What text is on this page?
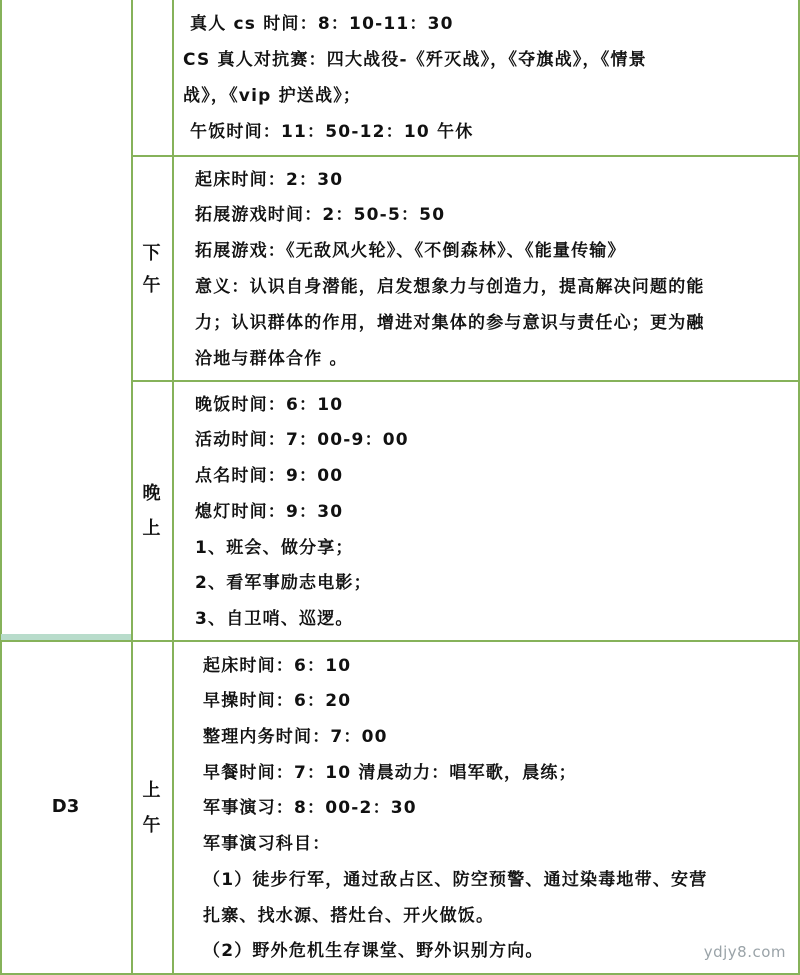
真人 cs 时间：8：10-11：30
CS 真人对抗赛：四大战役-《歼灭战》，《夺旗战》，《情景
战》，《vip 护送战》；
午饭时间：11：50-12：10 午休
下
午
起床时间：2：30
拓展游戏时间：2：50-5：50
拓展游戏：《无敌风火轮》、《不倒森林》、《能量传输》
意义：认识自身潜能，启发想象力与创造力，提高解决问题的能
力；认识群体的作用，增进对集体的参与意识与责任心；更为融
洽地与群体合作 。
晚
上
晚饭时间：6：10
活动时间：7：00-9：00
点名时间：9：00
熄灯时间：9：30
1、班会、做分享；
2、看军事励志电影；
3、自卫哨、巡逻。
D3
上
午
起床时间：6：10
早操时间：6：20
整理内务时间：7：00
早餐时间：7：10 清晨动力：唱军歌，晨练；
军事演习：8：00-2：30
军事演习科目：
（1）徒步行军，通过敌占区、防空预警、通过染毒地带、安营
扎寨、找水源、搭灶台、开火做饭。
（2）野外危机生存课堂、野外识别方向。	ydjy8.com
